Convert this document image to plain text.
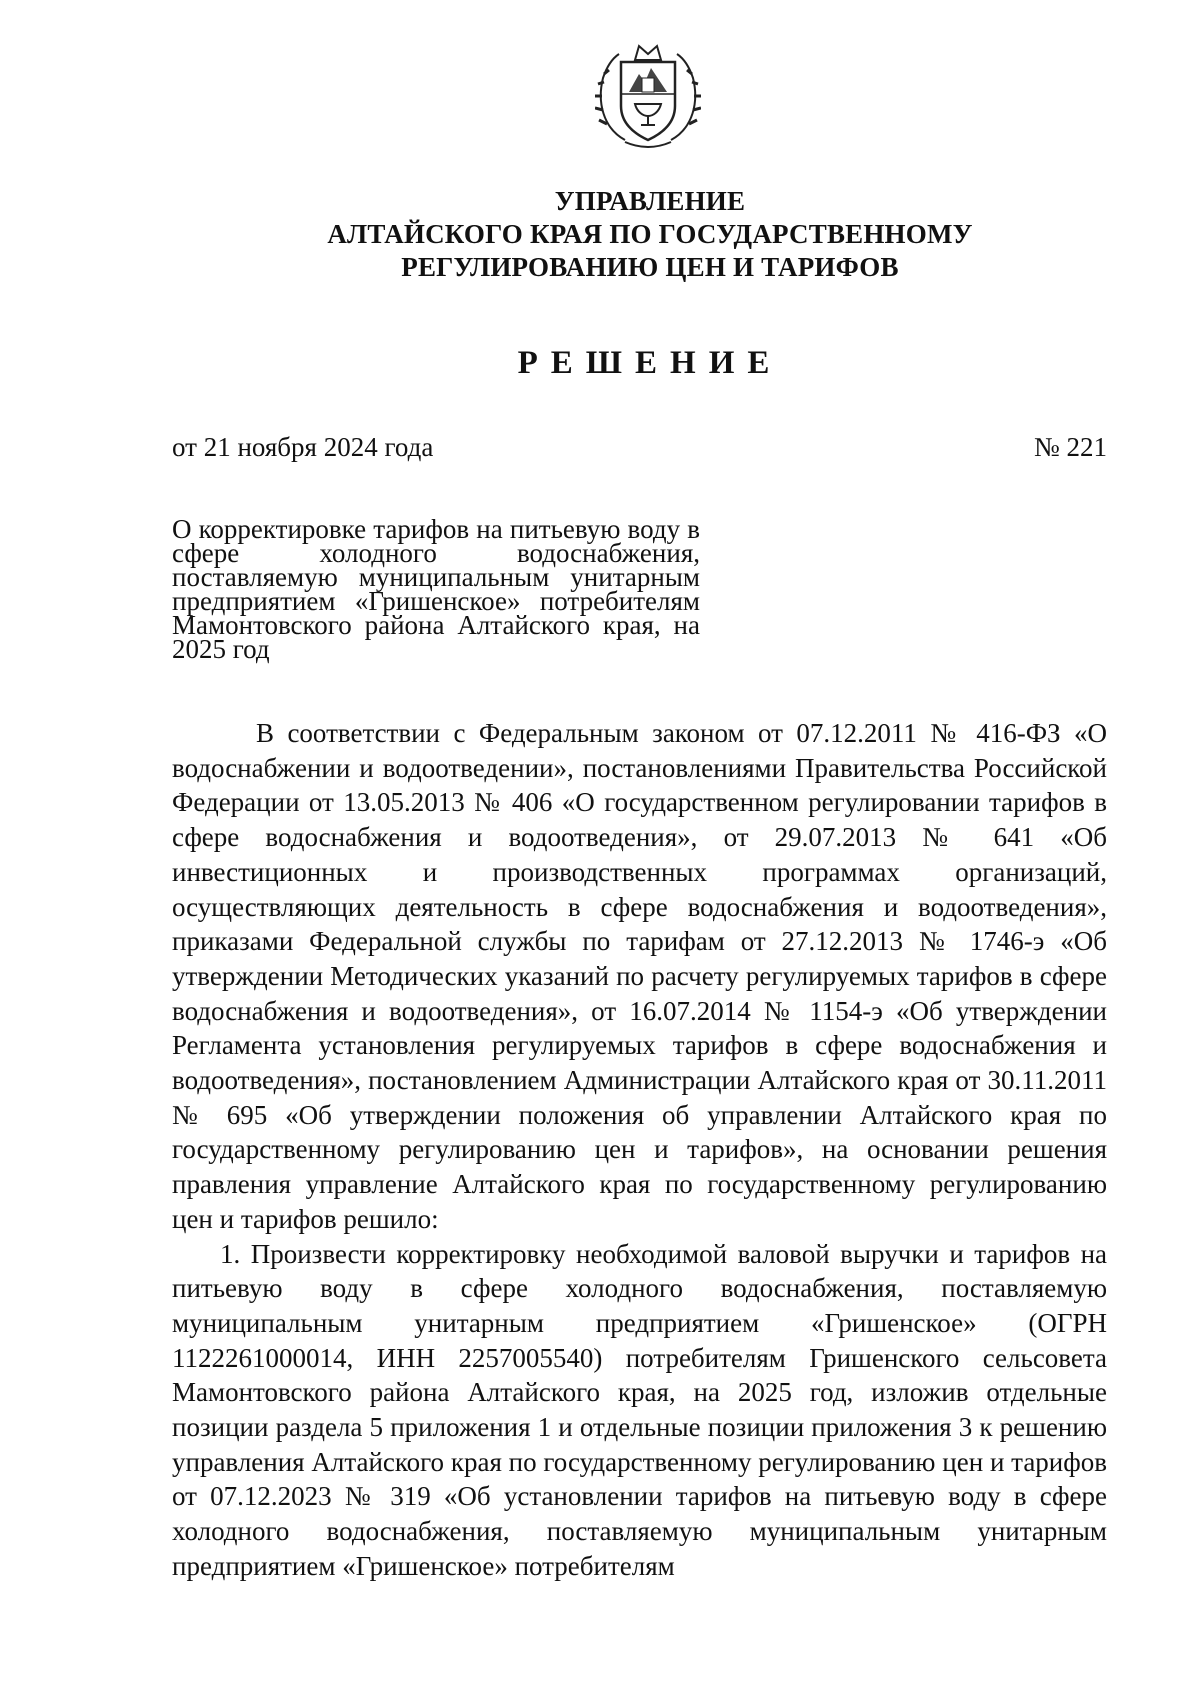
УПРАВЛЕНИЕ
АЛТАЙСКОГО КРАЯ ПО ГОСУДАРСТВЕННОМУ
РЕГУЛИРОВАНИЮ ЦЕН И ТАРИФОВ
РЕШЕНИЕ
от 21 ноября 2024 года	№ 221
О корректировке тарифов на питьевую воду в сфере холодного водоснабжения, поставляемую муниципальным унитарным предприятием «Гришенское» потребителям Мамонтовского района Алтайского края, на 2025 год

В соответствии с Федеральным законом от 07.12.2011 № 416-ФЗ «О водоснабжении и водоотведении», постановлениями Правительства Российской Федерации от 13.05.2013 № 406 «О государственном регулировании тарифов в сфере водоснабжения и водоотведения», от 29.07.2013 № 641 «Об инвестиционных и производственных программах организаций, осуществляющих деятельность в сфере водоснабжения и водоотведения», приказами Федеральной службы по тарифам от 27.12.2013 № 1746-э «Об утверждении Методических указаний по расчету регулируемых тарифов в сфере водоснабжения и водоотведения», от 16.07.2014 № 1154-э «Об утверждении Регламента установления регулируемых тарифов в сфере водоснабжения и водоотведения», постановлением Администрации Алтайского края от 30.11.2011 № 695 «Об утверждении положения об управлении Алтайского края по государственному регулированию цен и тарифов», на основании решения правления управление Алтайского края по государственному регулированию цен и тарифов решило:

1. Произвести корректировку необходимой валовой выручки и тарифов на питьевую воду в сфере холодного водоснабжения, поставляемую муниципальным унитарным предприятием «Гришенское» (ОГРН 1122261000014, ИНН 2257005540) потребителям Гришенского сельсовета Мамонтовского района Алтайского края, на 2025 год, изложив отдельные позиции раздела 5 приложения 1 и отдельные позиции приложения 3 к решению управления Алтайского края по государственному регулированию цен и тарифов от 07.12.2023 № 319 «Об установлении тарифов на питьевую воду в сфере холодного водоснабжения, поставляемую муниципальным унитарным предприятием «Гришенское» потребителям
